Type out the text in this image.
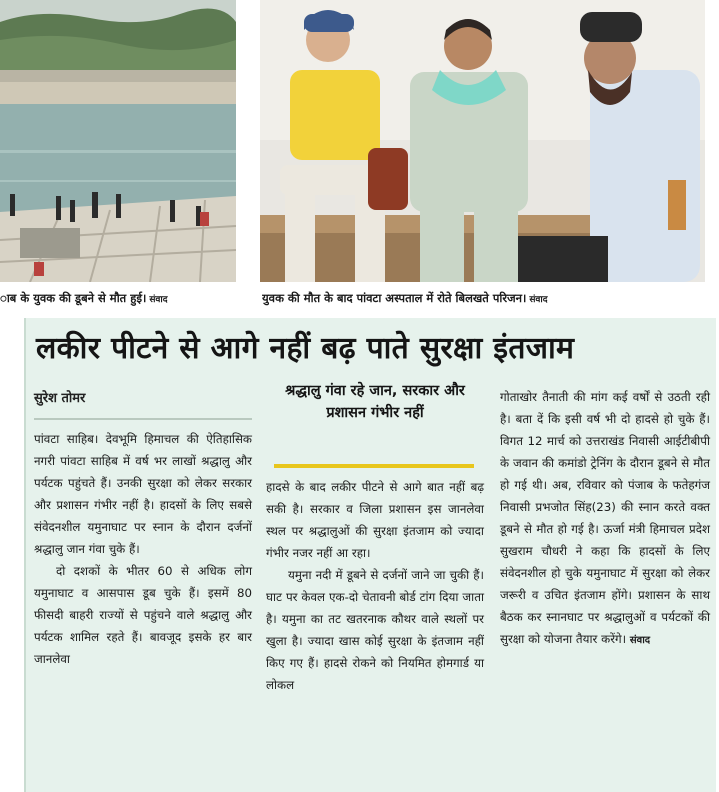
ाब के युवक की डूबने से मौत हुई। संवाद	युवक की मौत के बाद पांवटा अस्पताल में रोते बिलखते परिजन। संवाद
लकीर पीटने से आगे नहीं बढ़ पाते सुरक्षा इंतजाम
सुरेश तोमर	श्रद्धालु गंवा रहे जान, सरकार और प्रशासन गंभीर नहीं

पांवटा साहिब। देवभूमि हिमाचल की ऐतिहासिक नगरी पांवटा साहिब में वर्ष भर लाखों श्रद्धालु और पर्यटक पहुंचते हैं। उनकी सुरक्षा को लेकर सरकार और प्रशासन गंभीर नहीं है। हादसों के लिए सबसे संवेदनशील यमुनाघाट पर स्नान के दौरान दर्जनों श्रद्धालु जान गंवा चुके हैं।

दो दशकों के भीतर 60 से अधिक लोग यमुनाघाट व आसपास डूब चुके हैं। इसमें 80 फीसदी बाहरी राज्यों से पहुंचने वाले श्रद्धालु और पर्यटक शामिल रहते हैं। बावजूद इसके हर बार जानलेवा

हादसे के बाद लकीर पीटने से आगे बात नहीं बढ़ सकी है। सरकार व जिला प्रशासन इस जानलेवा स्थल पर श्रद्धालुओं की सुरक्षा इंतजाम को ज्यादा गंभीर नजर नहीं आ रहा।

यमुना नदी में डूबने से दर्जनों जाने जा चुकी हैं। घाट पर केवल एक-दो चेतावनी बोर्ड टांग दिया जाता है। यमुना का तट खतरनाक कौथर वाले स्थलों पर खुला है। ज्यादा खास कोई सुरक्षा के इंतजाम नहीं किए गए हैं। हादसे रोकने को नियमित होमगार्ड या लोकल

गोताखोर तैनाती की मांग कई वर्षों से उठती रही है। बता दें कि इसी वर्ष भी दो हादसे हो चुके हैं। विगत 12 मार्च को उत्तराखंड निवासी आईटीबीपी के जवान की कमांडो ट्रेनिंग के दौरान डूबने से मौत हो गई थी। अब, रविवार को पंजाब के फतेहगंज निवासी प्रभजोत सिंह(23) की स्नान करते वक्त डूबने से मौत हो गई है। ऊर्जा मंत्री हिमाचल प्रदेश सुखराम चौधरी ने कहा कि हादसों के लिए संवेदनशील हो चुके यमुनाघाट में सुरक्षा को लेकर जरूरी व उचित इंतजाम होंगे। प्रशासन के साथ बैठक कर स्नानघाट पर श्रद्धालुओं व पर्यटकों की सुरक्षा को योजना तैयार करेंगे। संवाद
